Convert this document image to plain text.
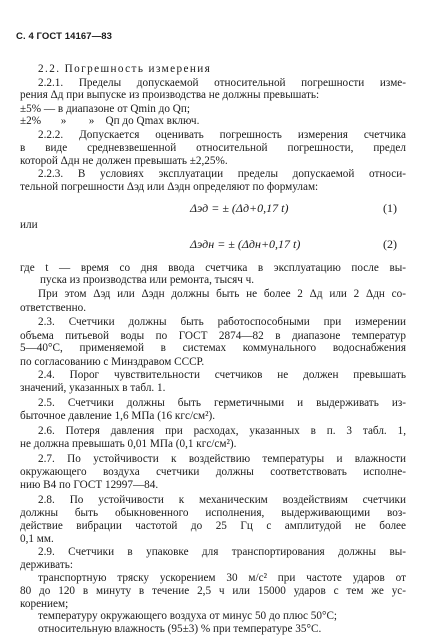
С. 4 ГОСТ 14167—83
2.2. Погрешность измерения
2.2.1. Пределы допускаемой относительной погрешности изме-
рения Δд при выпуске из производства не должны превышать:
±5% — в диапазоне от Qmin до Qп;
±2%       »        »    Qп до Qmax включ.
2.2.2. Допускается оценивать погрешность измерения счетчика
в виде средневзвешенной относительной погрешности, предел
которой Δдн не должен превышать ±2,25%.
2.2.3. В условиях эксплуатации пределы допускаемой относи-
тельной погрешности Δэд или Δэдн определяют по формулам:
Δэд = ± (Δд+0,17 t)	(1)
или
Δэдн = ± (Δдн+0,17 t)	(2)
где t — время со дня ввода счетчика в эксплуатацию после вы-
пуска из производства или ремонта, тысяч ч.
При этом Δэд или Δэдн должны быть не более 2 Δд или 2 Δдн со-
ответственно.
2.3. Счетчики должны быть работоспособными при измерении
объема питьевой воды по ГОСТ 2874—82 в диапазоне температур
5—40°С, применяемой в системах коммунального водоснабжения
по согласованию с Минздравом СССР.
2.4. Порог чувствительности счетчиков не должен превышать
значений, указанных в табл. 1.
2.5. Счетчики должны быть герметичными и выдерживать из-
быточное давление 1,6 МПа (16 кгс/см²).
2.6. Потеря давления при расходах, указанных в п. 3 табл. 1,
не должна превышать 0,01 МПа (0,1 кгс/см²).
2.7. По устойчивости к воздействию температуры и влажности
окружающего воздуха счетчики должны соответствовать исполне-
нию В4 по ГОСТ 12997—84.
2.8. По устойчивости к механическим воздействиям счетчики
должны быть обыкновенного исполнения, выдерживающими воз-
действие вибрации частотой до 25 Гц с амплитудой не более
0,1 мм.
2.9. Счетчики в упаковке для транспортирования должны вы-
держивать:
транспортную тряску ускорением 30 м/с² при частоте ударов от
80 до 120 в минуту в течение 2,5 ч или 15000 ударов с тем же ус-
корением;
температуру окружающего воздуха от минус 50 до плюс 50°С;
относительную влажность (95±3) % при температуре 35°С.
